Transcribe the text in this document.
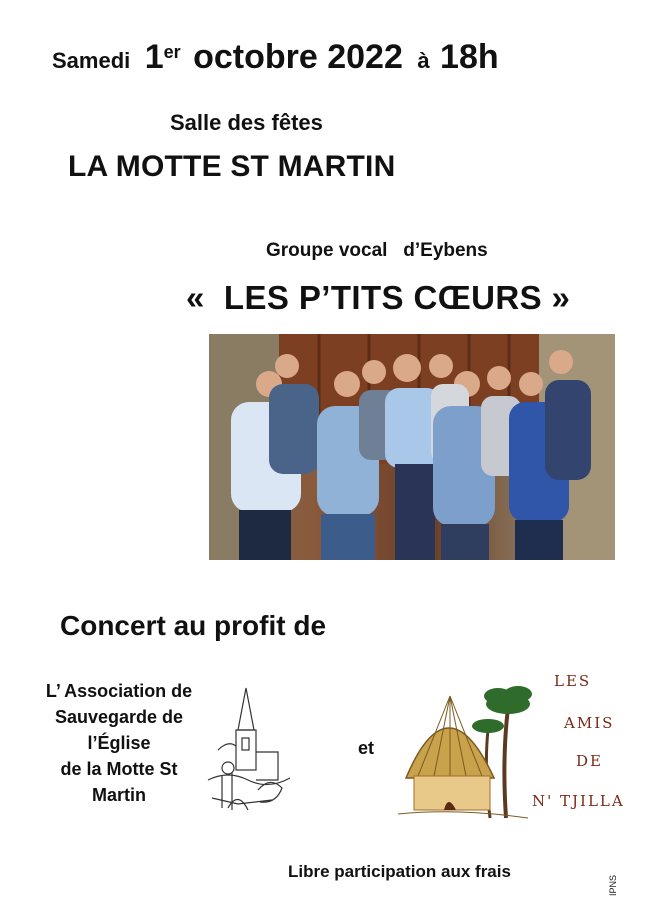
Samedi 1er octobre 2022 à 18h
Salle des fêtes
LA MOTTE ST MARTIN
Groupe vocal   d’Eybens
«  LES P’TITS CŒURS »
Concert au profit de
L’ Association de
Sauvegarde de
l’Église
de la Motte St
Martin
et
LES
AMIS
DE
N' TJILLA
Libre participation aux frais
IPNS
